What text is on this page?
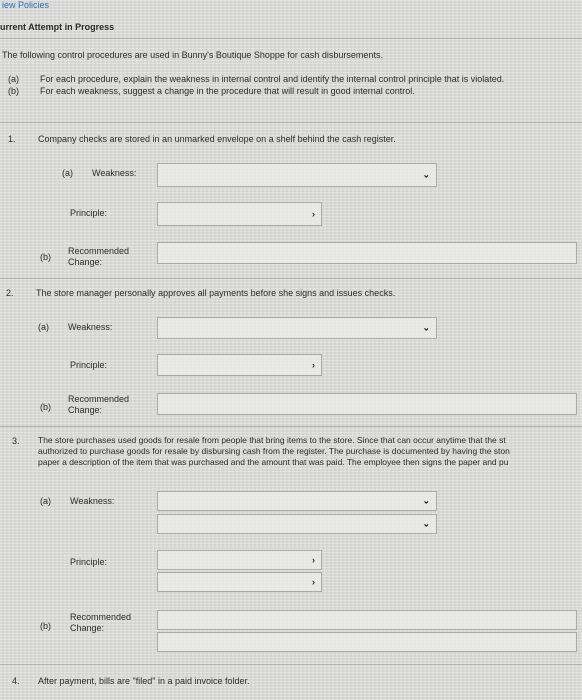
iew Policies
urrent Attempt in Progress
The following control procedures are used in Bunny's Boutique Shoppe for cash disbursements.
(a) For each procedure, explain the weakness in internal control and identify the internal control principle that is violated.
(b) For each weakness, suggest a change in the procedure that will result in good internal control.
1. Company checks are stored in an unmarked envelope on a shelf behind the cash register.
(a) Weakness:	⌄
Principle:	›
(b)
Recommended
Change:
2. The store manager personally approves all payments before she signs and issues checks.
(a) Weakness:	⌄
Principle:	›
(b)
Recommended
Change:
3. The store purchases used goods for resale from people that bring items to the store. Since that can occur anytime that the st
authorized to purchase goods for resale by disbursing cash from the register. The purchase is documented by having the ston
paper a description of the item that was purchased and the amount that was paid. The employee then signs the paper and pu
(a) Weakness:	⌄
⌄
Principle:	›
›
(b)
Recommended
Change:
4. After payment, bills are "filed" in a paid invoice folder.
